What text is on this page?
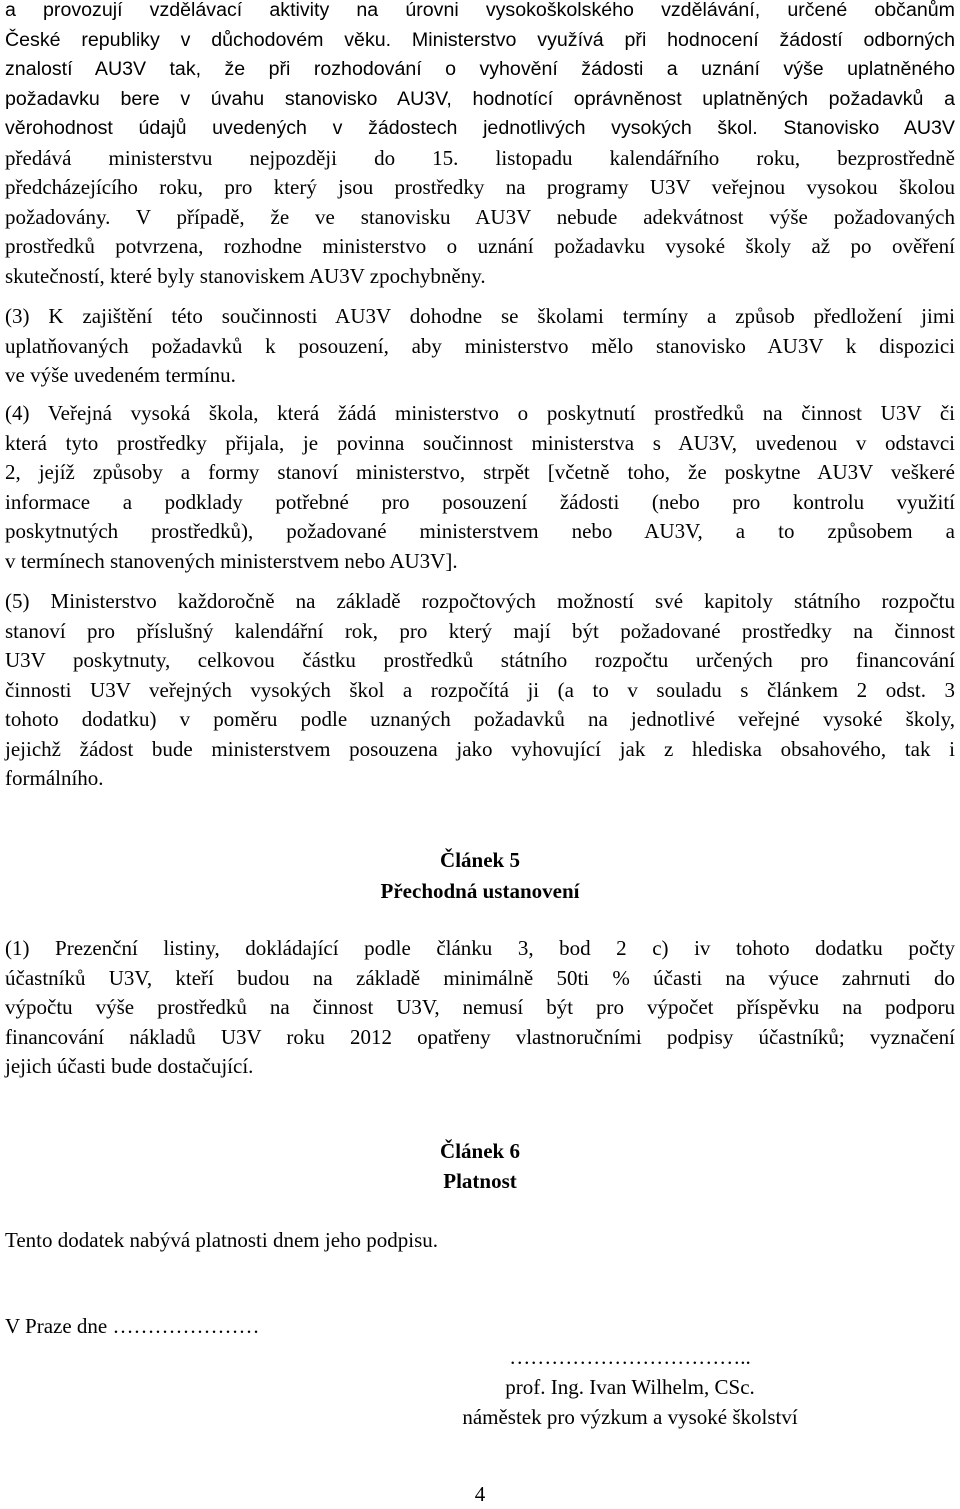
a provozují vzdělávací aktivity na úrovni vysokoškolského vzdělávání, určené občanům
České republiky v důchodovém věku. Ministerstvo využívá při hodnocení žádostí odborných
znalostí AU3V tak, že při rozhodování o vyhovění žádosti a uznání výše uplatněného
požadavku bere v úvahu stanovisko AU3V, hodnotící oprávněnost uplatněných požadavků a
věrohodnost údajů uvedených v žádostech jednotlivých vysokých škol. Stanovisko AU3V
předává ministerstvu nejpozději do 15. listopadu kalendářního roku, bezprostředně
předcházejícího roku, pro který jsou prostředky na programy U3V veřejnou vysokou školou
požadovány. V případě, že ve stanovisku AU3V nebude adekvátnost výše požadovaných
prostředků potvrzena, rozhodne ministerstvo o uznání požadavku vysoké školy až po ověření
skutečností, které byly stanoviskem AU3V zpochybněny.
(3) K zajištění této součinnosti AU3V dohodne se školami termíny a způsob předložení jimi
uplatňovaných požadavků k posouzení, aby ministerstvo mělo stanovisko AU3V k dispozici
ve výše uvedeném termínu.
(4) Veřejná vysoká škola, která žádá ministerstvo o poskytnutí prostředků na činnost U3V či
která tyto prostředky přijala, je povinna součinnost ministerstva s AU3V, uvedenou v odstavci
2, jejíž způsoby a formy stanoví ministerstvo, strpět [včetně toho, že poskytne AU3V veškeré
informace a podklady potřebné pro posouzení žádosti (nebo pro kontrolu využití
poskytnutých prostředků), požadované ministerstvem nebo AU3V, a to způsobem a
v termínech stanovených ministerstvem nebo AU3V].
(5) Ministerstvo každoročně na základě rozpočtových možností své kapitoly státního rozpočtu
stanoví pro příslušný kalendářní rok, pro který mají být požadované prostředky na činnost
U3V poskytnuty, celkovou částku prostředků státního rozpočtu určených pro financování
činnosti U3V veřejných vysokých škol a rozpočítá ji (a to v souladu s článkem 2 odst. 3
tohoto dodatku) v poměru podle uznaných požadavků na jednotlivé veřejné vysoké školy,
jejichž žádost bude ministerstvem posouzena jako vyhovující jak z hlediska obsahového, tak i
formálního.
Článek 5
Přechodná ustanovení
(1) Prezenční listiny, dokládající podle článku 3, bod 2 c) iv tohoto dodatku počty
účastníků U3V, kteří budou na základě minimálně 50ti % účasti na výuce zahrnuti do
výpočtu výše prostředků na činnost U3V, nemusí být pro výpočet příspěvku na podporu
financování nákladů U3V roku 2012 opatřeny vlastnoručními podpisy účastníků; vyznačení
jejich účasti bude dostačující.
Článek 6
Platnost
Tento dodatek nabývá platnosti dnem jeho podpisu.
V Praze dne …………………
……………………………..
prof. Ing. Ivan Wilhelm, CSc.
náměstek pro výzkum a vysoké školství
4
